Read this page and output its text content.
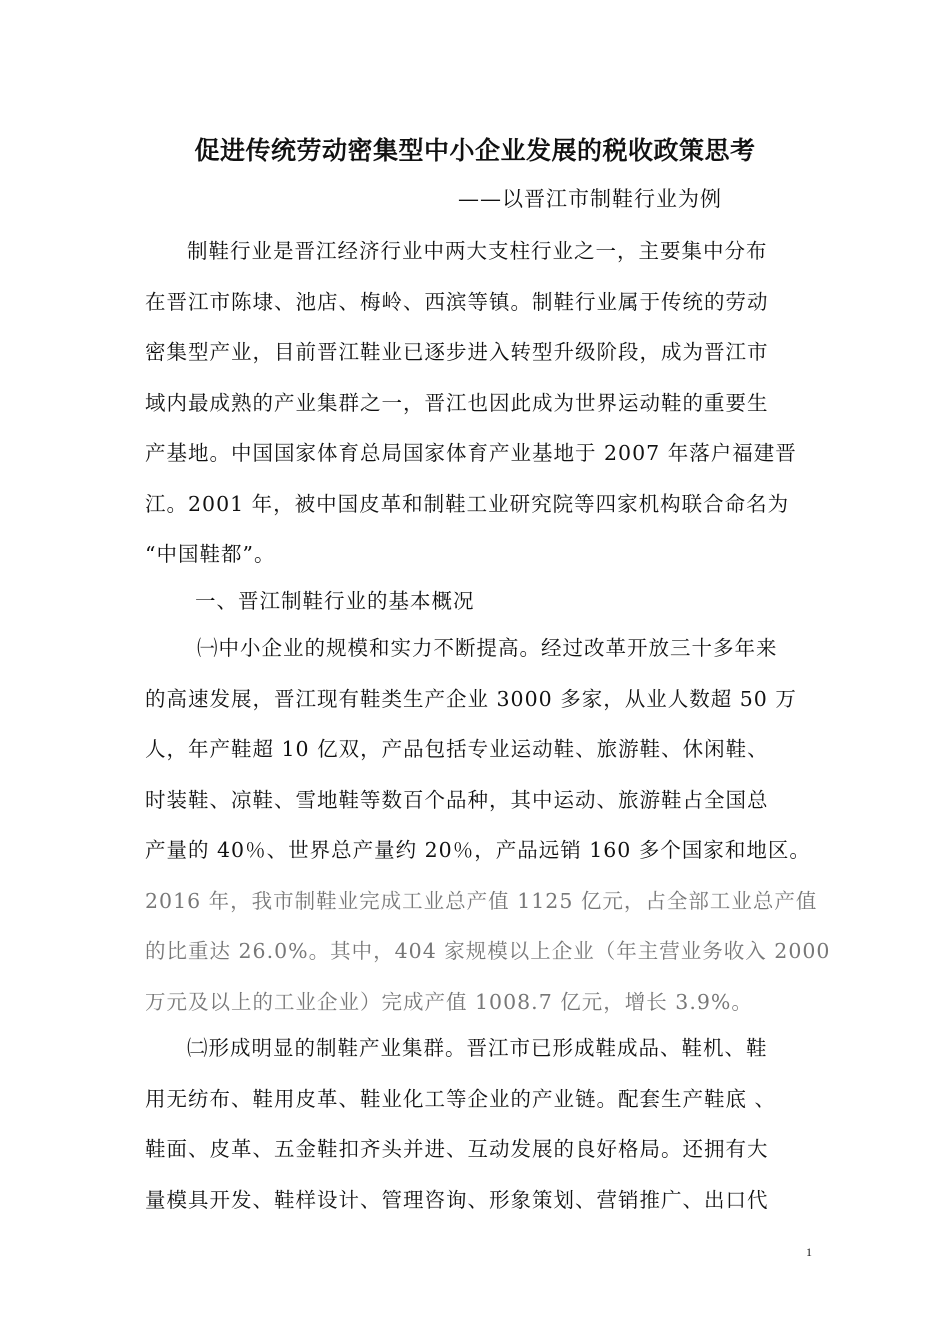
促进传统劳动密集型中小企业发展的税收政策思考
——以晋江市制鞋行业为例
制鞋行业是晋江经济行业中两大支柱行业之一，主要集中分布
在晋江市陈埭、池店、梅岭、西滨等镇。制鞋行业属于传统的劳动
密集型产业，目前晋江鞋业已逐步进入转型升级阶段，成为晋江市
域内最成熟的产业集群之一，晋江也因此成为世界运动鞋的重要生
产基地。中国国家体育总局国家体育产业基地于 2007 年落户福建晋
江。2001 年，被中国皮革和制鞋工业研究院等四家机构联合命名为
“中国鞋都”。
一、晋江制鞋行业的基本概况
㈠中小企业的规模和实力不断提高。经过改革开放三十多年来
的高速发展，晋江现有鞋类生产企业 3000 多家，从业人数超 50 万
人，年产鞋超 10 亿双，产品包括专业运动鞋、旅游鞋、休闲鞋、
时装鞋、凉鞋、雪地鞋等数百个品种，其中运动、旅游鞋占全国总
产量的 40％、世界总产量约 20％，产品远销 160 多个国家和地区。
2016 年，我市制鞋业完成工业总产值 1125 亿元，占全部工业总产值
的比重达 26.0%。其中，404 家规模以上企业（年主营业务收入 2000
万元及以上的工业企业）完成产值 1008.7 亿元，增长 3.9%。
㈡形成明显的制鞋产业集群。晋江市已形成鞋成品、鞋机、鞋
用无纺布、鞋用皮革、鞋业化工等企业的产业链。配套生产鞋底 、
鞋面、皮革、五金鞋扣齐头并进、互动发展的良好格局。还拥有大
量模具开发、鞋样设计、管理咨询、形象策划、营销推广、出口代
1
